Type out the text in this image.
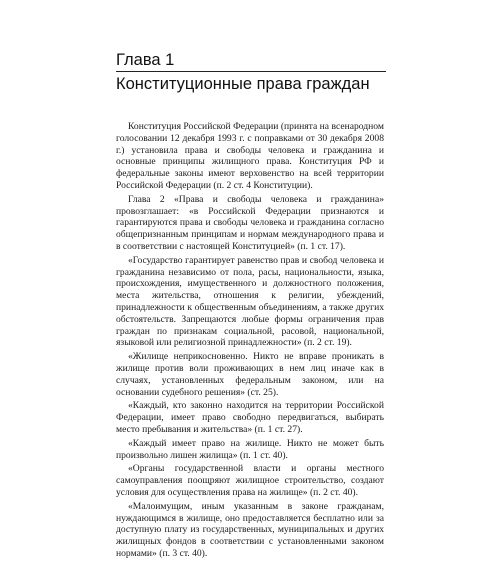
Глава 1
Конституционные права граждан

Конституция Российской Федерации (принята на всенародном голосовании 12 декабря 1993 г. с поправками от 30 декабря 2008 г.) установила права и свободы человека и гражданина и основные принципы жилищного права. Конституция РФ и федеральные законы имеют верховенство на всей территории Российской Федерации (п. 2 ст. 4 Конституции).

Глава 2 «Права и свободы человека и гражданина» провозглашает: «в Российской Федерации признаются и гарантируются права и свободы человека и гражданина согласно общепризнанным принципам и нормам международного права и в соответствии с настоящей Конституцией» (п. 1 ст. 17).

«Государство гарантирует равенство прав и свобод человека и гражданина независимо от пола, расы, национальности, языка, происхождения, имущественного и должностного положения, места жительства, отношения к религии, убеждений, принадлежности к общественным объединениям, а также других обстоятельств. Запрещаются любые формы ограничения прав граждан по признакам социальной, расовой, национальной, языковой или религиозной принадлежности» (п. 2 ст. 19).

«Жилище неприкосновенно. Никто не вправе проникать в жилище против воли проживающих в нем лиц иначе как в случаях, установленных федеральным законом, или на основании судебного решения» (ст. 25).

«Каждый, кто законно находится на территории Российской Федерации, имеет право свободно передвигаться, выбирать место пребывания и жительства» (п. 1 ст. 27).

«Каждый имеет право на жилище. Никто не может быть произвольно лишен жилища» (п. 1 ст. 40).

«Органы государственной власти и органы местного самоуправления поощряют жилищное строительство, создают условия для осуществления права на жилище» (п. 2 ст. 40).

«Малоимущим, иным указанным в законе гражданам, нуждающимся в жилище, оно предоставляется бесплатно или за доступную плату из государственных, муниципальных и других жилищных фондов в соответствии с установленными законом нормами» (п. 3 ст. 40).
